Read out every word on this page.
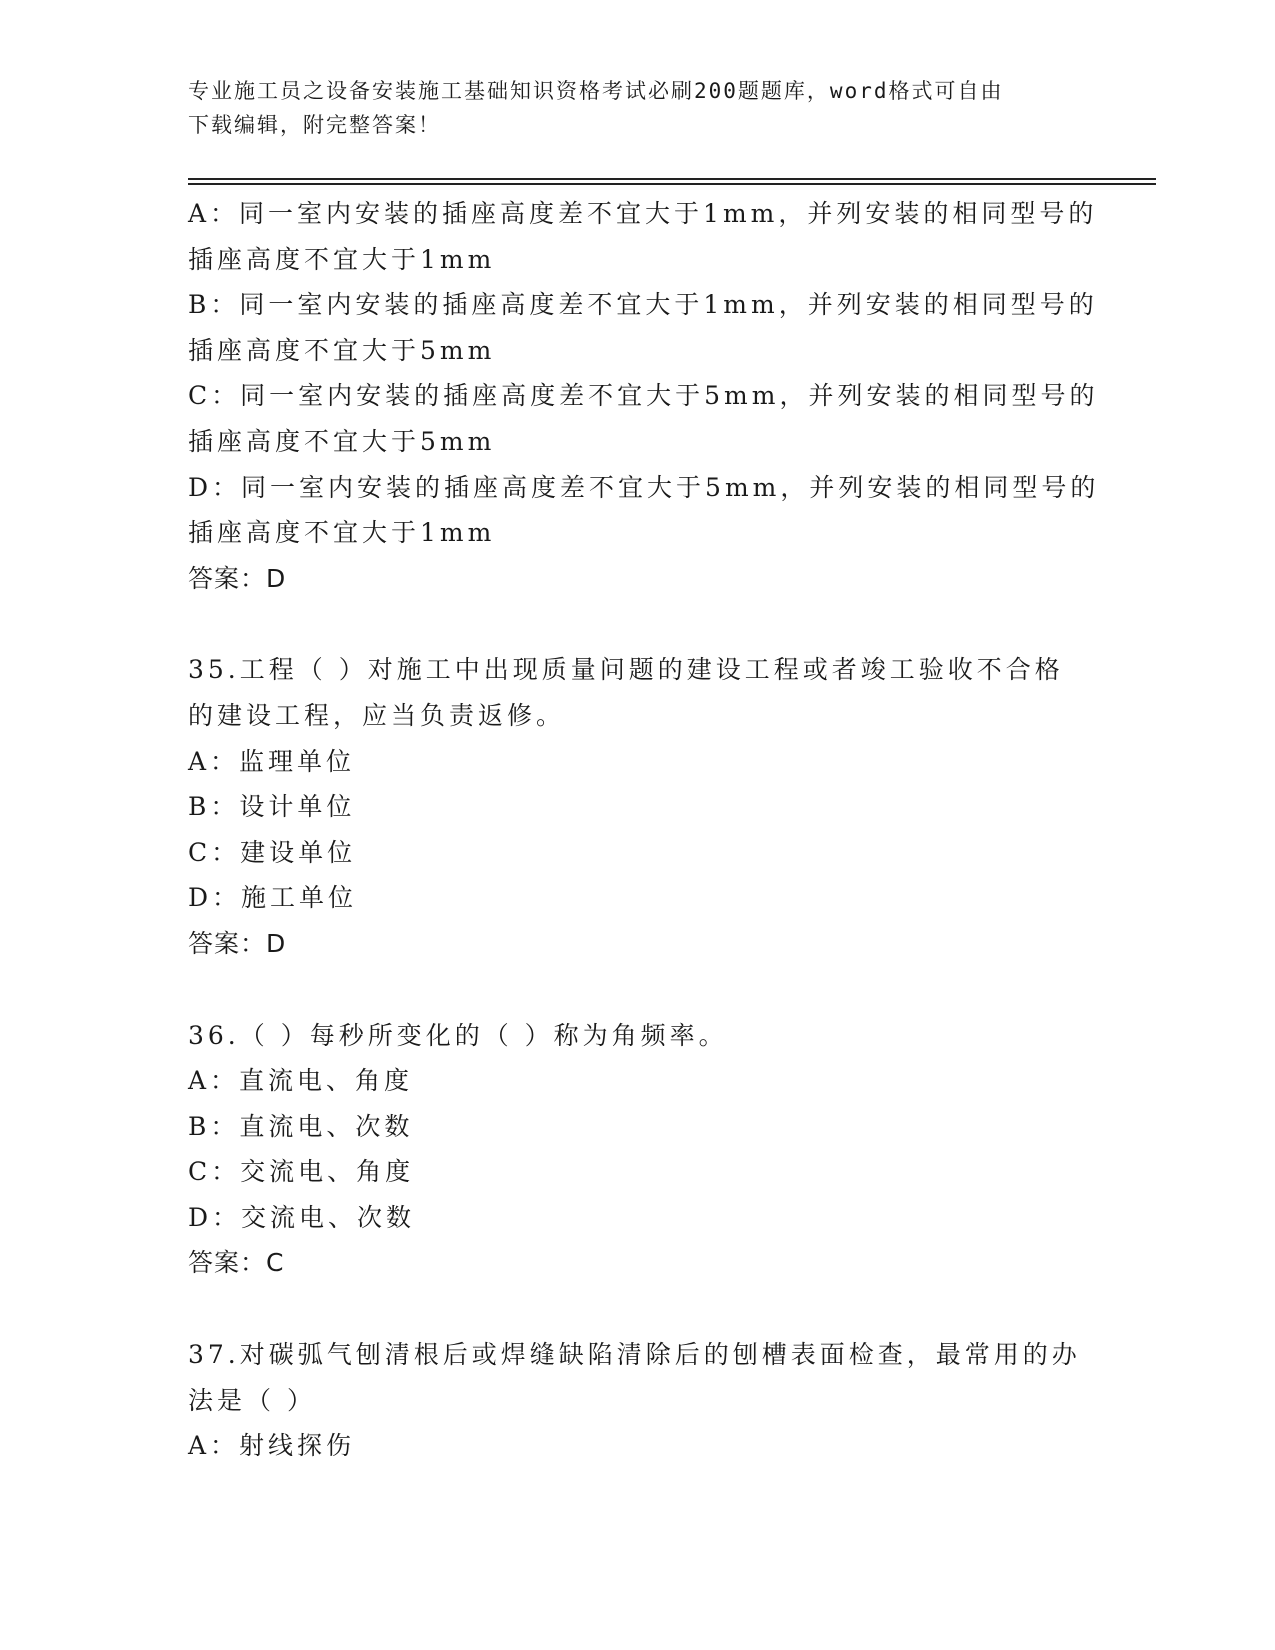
专业施工员之设备安装施工基础知识资格考试必刷200题题库，word格式可自由
下载编辑，附完整答案！
A：同一室内安装的插座高度差不宜大于1mm，并列安装的相同型号的
插座高度不宜大于1mm
B：同一室内安装的插座高度差不宜大于1mm，并列安装的相同型号的
插座高度不宜大于5mm
C：同一室内安装的插座高度差不宜大于5mm，并列安装的相同型号的
插座高度不宜大于5mm
D：同一室内安装的插座高度差不宜大于5mm，并列安装的相同型号的
插座高度不宜大于1mm
答案：D
35.工程（ ）对施工中出现质量问题的建设工程或者竣工验收不合格
的建设工程，应当负责返修。
A：监理单位
B：设计单位
C：建设单位
D：施工单位
答案：D
36.（ ）每秒所变化的（ ）称为角频率。
A：直流电、角度
B：直流电、次数
C：交流电、角度
D：交流电、次数
答案：C
37.对碳弧气刨清根后或焊缝缺陷清除后的刨槽表面检查，最常用的办
法是（ ）
A：射线探伤
